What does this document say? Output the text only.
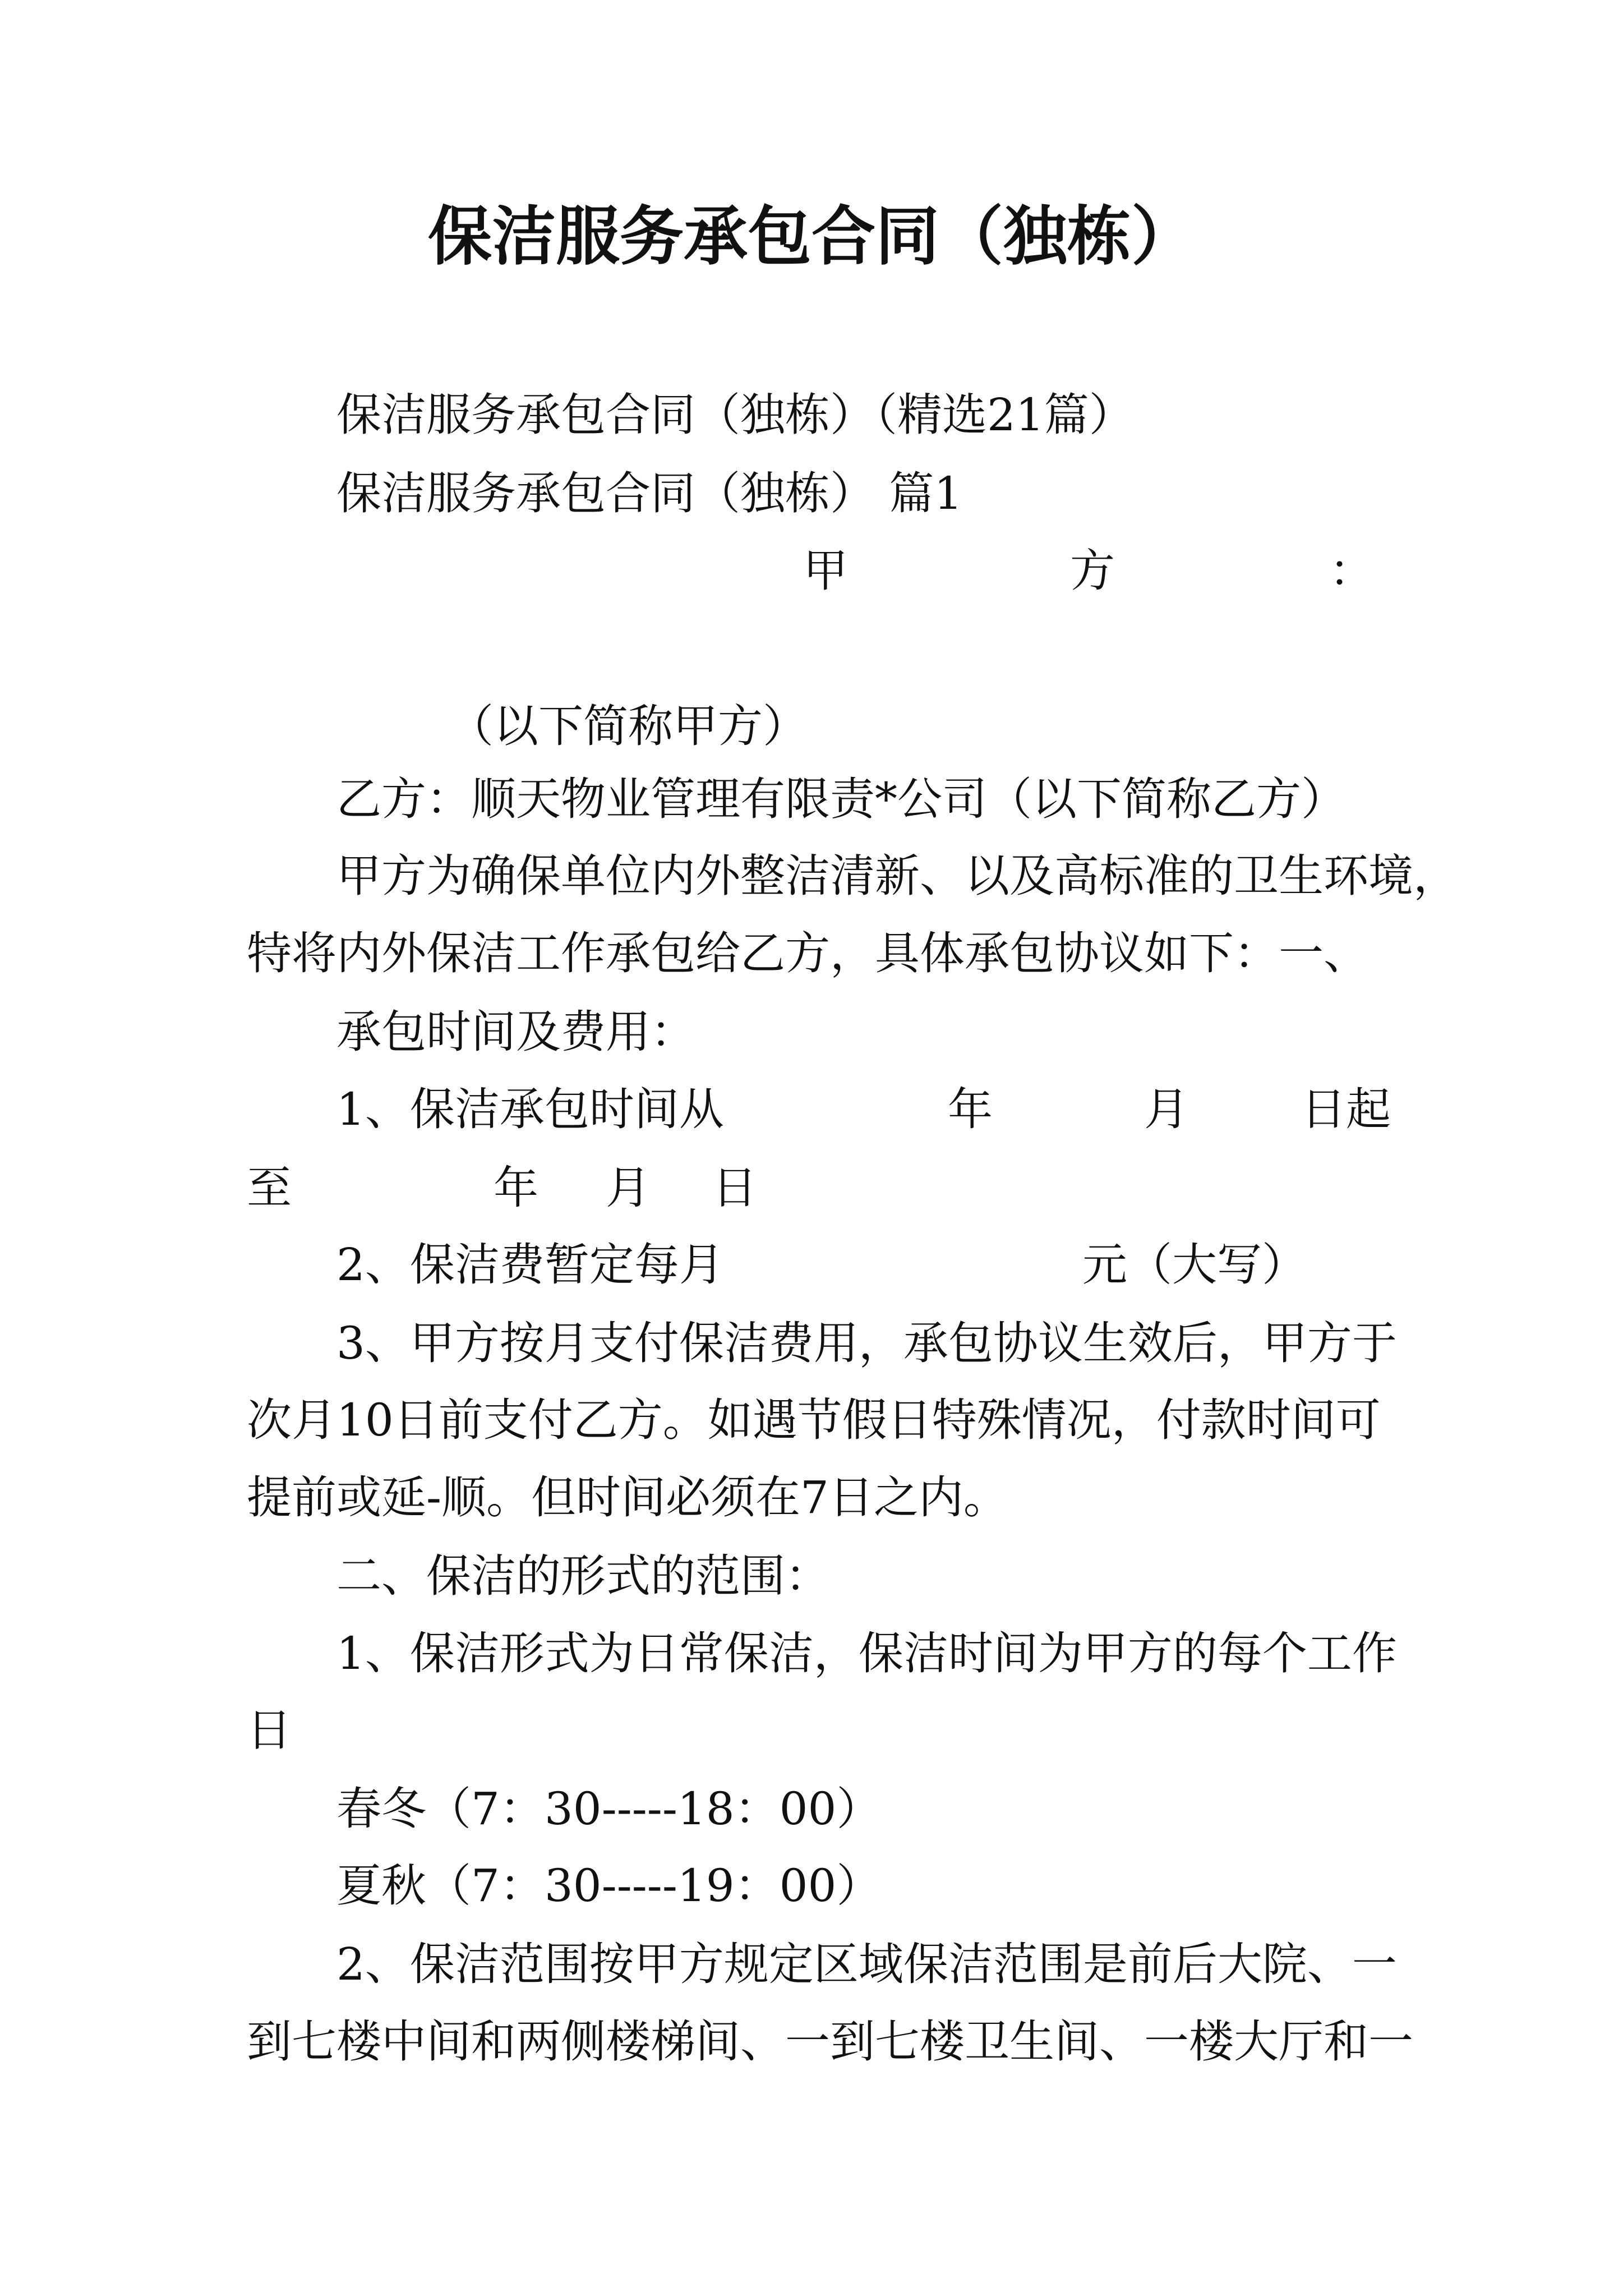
保洁服务承包合同（独栋）
保洁服务承包合同（独栋）（精选21篇）
保洁服务承包合同（独栋） 篇1
甲	方	：
（以下简称甲方）
乙方：顺天物业管理有限责*公司（以下简称乙方）
甲方为确保单位内外整洁清新、以及高标准的卫生环境，
特将内外保洁工作承包给乙方，具体承包协议如下：一、
承包时间及费用：
1、保洁承包时间从	年	月	日起
至	年 月 日
2、保洁费暂定每月	元（大写）
3、甲方按月支付保洁费用，承包协议生效后，甲方于
次月10日前支付乙方。如遇节假日特殊情况，付款时间可
提前或延-顺。但时间必须在7日之内。
二、保洁的形式的范围：
1、保洁形式为日常保洁，保洁时间为甲方的每个工作
日
春冬（7：30-----18：00）
夏秋（7：30-----19：00）
2、保洁范围按甲方规定区域保洁范围是前后大院、一
到七楼中间和两侧楼梯间、一到七楼卫生间、一楼大厅和一
